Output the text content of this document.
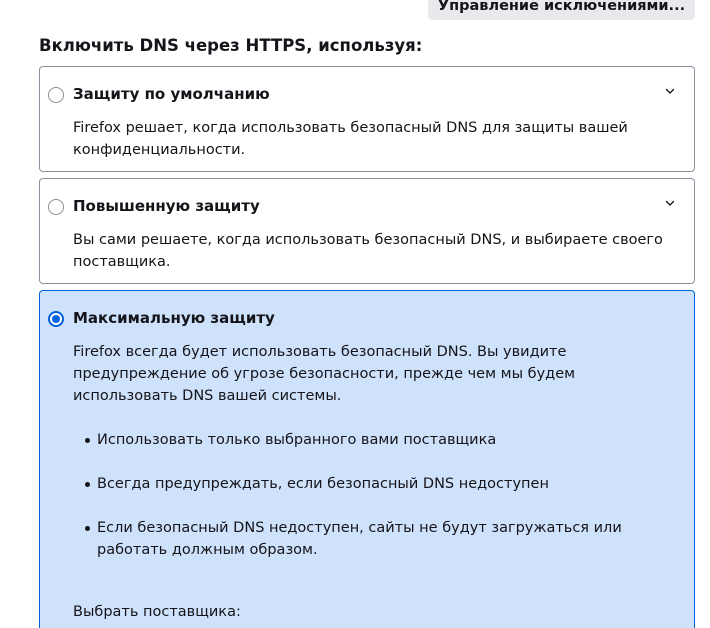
Управление исключениями...
Включить DNS через HTTPS, используя:
Защиту по умолчанию

Firefox решает, когда использовать безопасный DNS для защиты вашей конфиденциальности.

Повышенную защиту

Вы сами решаете, когда использовать безопасный DNS, и выбираете своего поставщика.

Максимальную защиту

Firefox всегда будет использовать безопасный DNS. Вы увидите предупреждение об угрозе безопасности, прежде чем мы будем использовать DNS вашей системы.

Использовать только выбранного вами поставщика
Всегда предупреждать, если безопасный DNS недоступен
Если безопасный DNS недоступен, сайты не будут загружаться или работать должным образом.
Выбрать поставщика:
